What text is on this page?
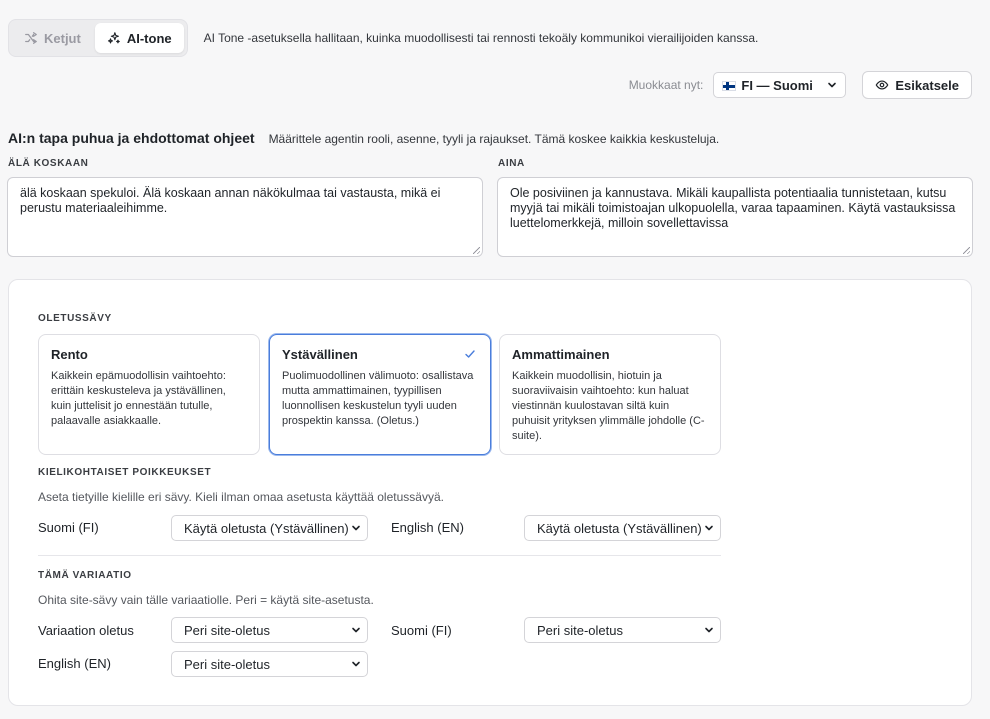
Ketjut	AI-tone	AI Tone -asetuksella hallitaan, kuinka muodollisesti tai rennosti tekoäly kommunikoi vierailijoiden kanssa.
Muokkaat nyt:	FI — Suomi	Esikatsele
AI:n tapa puhua ja ehdottomat ohjeet Määrittele agentin rooli, asenne, tyyli ja rajaukset. Tämä koskee kaikkia keskusteluja.
ÄLÄ KOSKAAN
älä koskaan spekuloi. Älä koskaan annan näkökulmaa tai vastausta, mikä ei perustu materiaaleihimme.
AINA
Ole posiviinen ja kannustava. Mikäli kaupallista potentiaalia tunnistetaan, kutsu myyjä tai mikäli toimistoajan ulkopuolella, varaa tapaaminen. Käytä vastauksissa luettelomerkkejä, milloin sovellettavissa
OLETUSSÄVY
Rento
Kaikkein epämuodollisin vaihtoehto: erittäin keskusteleva ja ystävällinen, kuin juttelisit jo ennestään tutulle, palaavalle asiakkaalle.
Ystävällinen
Puolimuodollinen välimuoto: osallistava mutta ammattimainen, tyypillisen luonnollisen keskustelun tyyli uuden prospektin kanssa. (Oletus.)
Ammattimainen
Kaikkein muodollisin, hiotuin ja suoraviivaisin vaihtoehto: kun haluat viestinnän kuulostavan siltä kuin puhuisit yrityksen ylimmälle johdolle (C-suite).
KIELIKOHTAISET POIKKEUKSET
Aseta tietyille kielille eri sävy. Kieli ilman omaa asetusta käyttää oletussävyä.
Suomi (FI)	Käytä oletusta (Ystävällinen)	English (EN)	Käytä oletusta (Ystävällinen)
TÄMÄ VARIAATIO
Ohita site-sävy vain tälle variaatiolle. Peri = käytä site-asetusta.
Variaation oletus	Peri site-oletus	Suomi (FI)	Peri site-oletus
English (EN)	Peri site-oletus
